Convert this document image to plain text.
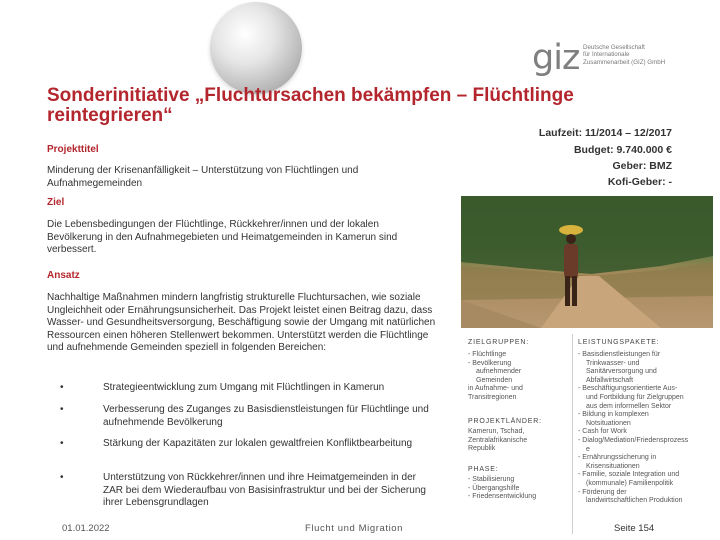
giz Deutsche Gesellschaft
für Internationale
Zusammenarbeit (GIZ) GmbH
Sonderinitiative „Fluchtursachen bekämpfen – Flüchtlinge
reintegrieren“
Laufzeit: 11/2014 – 12/2017
Budget: 9.740.000 €
Geber: BMZ
Kofi-Geber: -
Projekttitel
Minderung der Krisenanfälligkeit – Unterstützung von Flüchtlingen und Aufnahmegemeinden
Ziel
Die Lebensbedingungen der Flüchtlinge, Rückkehrer/innen und der lokalen Bevölkerung in den Aufnahmegebieten und Heimatgemeinden in Kamerun sind verbessert.
Ansatz
Nachhaltige Maßnahmen mindern langfristig strukturelle Fluchtursachen, wie soziale Ungleichheit oder Ernährungsunsicherheit. Das Projekt leistet einen Beitrag dazu, dass Wasser- und Gesundheitsversorgung, Beschäftigung sowie der Umgang mit natürlichen Ressourcen einen höheren Stellenwert bekommen. Unterstützt werden die Flüchtlinge und aufnehmende Gemeinden speziell in folgenden Bereichen:
•	Strategieentwicklung zum Umgang mit Flüchtlingen in Kamerun
•	Verbesserung des Zuganges zu Basisdienstleistungen für Flüchtlinge und aufnehmende Bevölkerung
•	Stärkung der Kapazitäten zur lokalen gewaltfreien Konfliktbearbeitung
•	Unterstützung von Rückkehrer/innen und ihre Heimatgemeinden in der ZAR bei dem Wiederaufbau von Basisinfrastruktur und bei der Sicherung ihrer Lebensgrundlagen
ZIELGRUPPEN:
- Flüchtlinge
- Bevölkerung
aufnehmender
Gemeinden
in Aufnahme- und
Transitregionen
PROJEKTLÄNDER:
Kamerun, Tschad,
Zentralafrikanische
Republik
PHASE:
- Stabilisierung
- Übergangshilfe
- Friedensentwicklung
LEISTUNGSPAKETE:
- Basisdienstleistungen für
Trinkwasser- und
Sanitärversorgung und
Abfallwirtschaft
- Beschäftigungsorientierte Aus-
und Fortbildung für Zielgruppen
aus dem informellen Sektor
- Bildung in komplexen
Notsituationen
- Cash for Work
- Dialog/Mediation/Friedensprozess
e
- Ernährungssicherung in
Krisensituationen
- Familie, soziale Integration und
(kommunale) Familienpolitik
- Förderung der
landwirtschaftlichen Produktion
01.01.2022	Flucht und Migration	Seite 154
